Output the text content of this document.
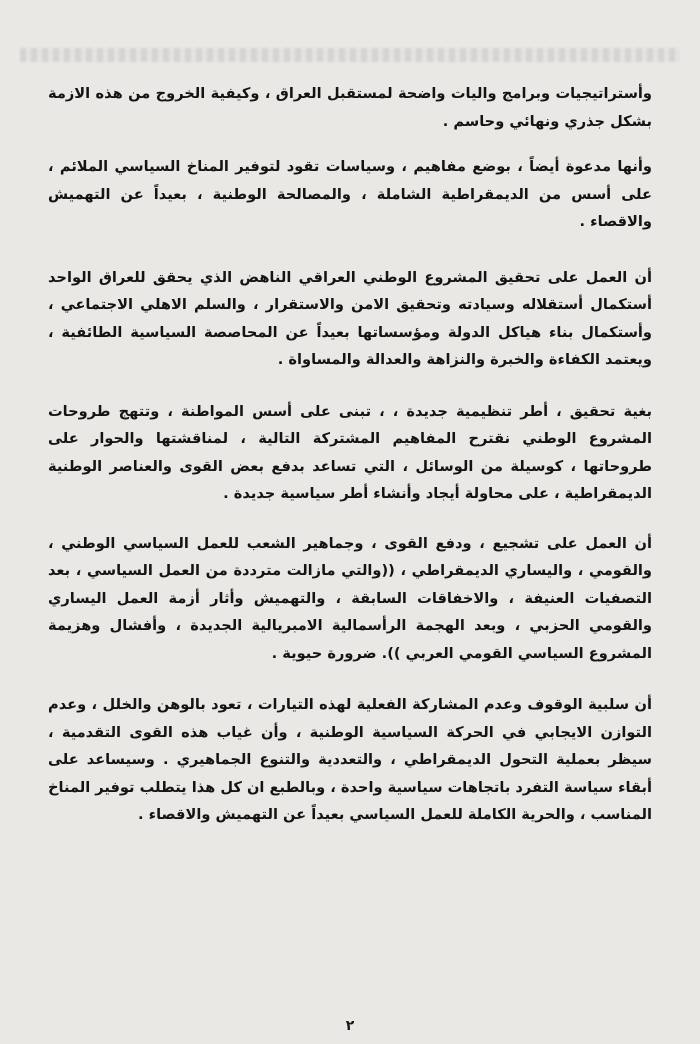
وأستراتيجيات وبرامج واليات واضحة لمستقبل العراق ، وكيفية الخروج من هذه الازمة بشكل جذري ونهائي وحاسم .

وأنها مدعوة أيضاً ، بوضع مفاهيم ، وسياسات تقود لتوفير المناخ السياسي الملائم ، على أسس من الديمقراطية الشاملة ، والمصالحة الوطنية ، بعيداً عن التهميش والاقصاء .

أن العمل على تحقيق المشروع الوطني العراقي الناهض الذي يحقق للعراق الواحد أستكمال أستقلاله وسيادته وتحقيق الامن والاستقرار ، والسلم الاهلي الاجتماعي ، وأستكمال بناء هياكل الدولة ومؤسساتها بعيداً عن المحاصصة السياسية الطائفية ، ويعتمد الكفاءة والخبرة والنزاهة والعدالة والمساواة .

بغية تحقيق ، أطر تنظيمية جديدة ، ، تبنى على أسس المواطنة ، وتتهج طروحات المشروع الوطني نقترح المفاهيم المشتركة التالية ، لمناقشتها والحوار على طروحاتها ، كوسيلة من الوسائل ، التي تساعد بدفع بعض القوى والعناصر الوطنية الديمقراطية ، على محاولة أيجاد وأنشاء أطر سياسية جديدة .

أن العمل على تشجيع ، ودفع القوى ، وجماهير الشعب للعمل السياسي الوطني ، والقومي ، واليساري الديمقراطي ، ((والتي مازالت مترددة من العمل السياسي ، بعد التصفيات العنيفة ، والاخفاقات السابقة ، والتهميش وأثار أزمة العمل اليساري والقومي الحزبي ، وبعد الهجمة الرأسمالية الامبريالية الجديدة ، وأفشال وهزيمة المشروع السياسي القومي العربي )). ضرورة حيوية .

أن سلبية الوقوف وعدم المشاركة الفعلية لهذه التيارات ، تعود بالوهن والخلل ، وعدم التوازن الايجابي في الحركة السياسية الوطنية ، وأن غياب هذه القوى التقدمية ، سيظر بعملية التحول الديمقراطي ، والتعددية والتنوع الجماهيري . وسيساعد على أبقاء سياسة التفرد باتجاهات سياسية واحدة ، وبالطبع ان كل هذا يتطلب توفير المناخ المناسب ، والحرية الكاملة للعمل السياسي بعيداً عن التهميش والاقصاء .

٢
